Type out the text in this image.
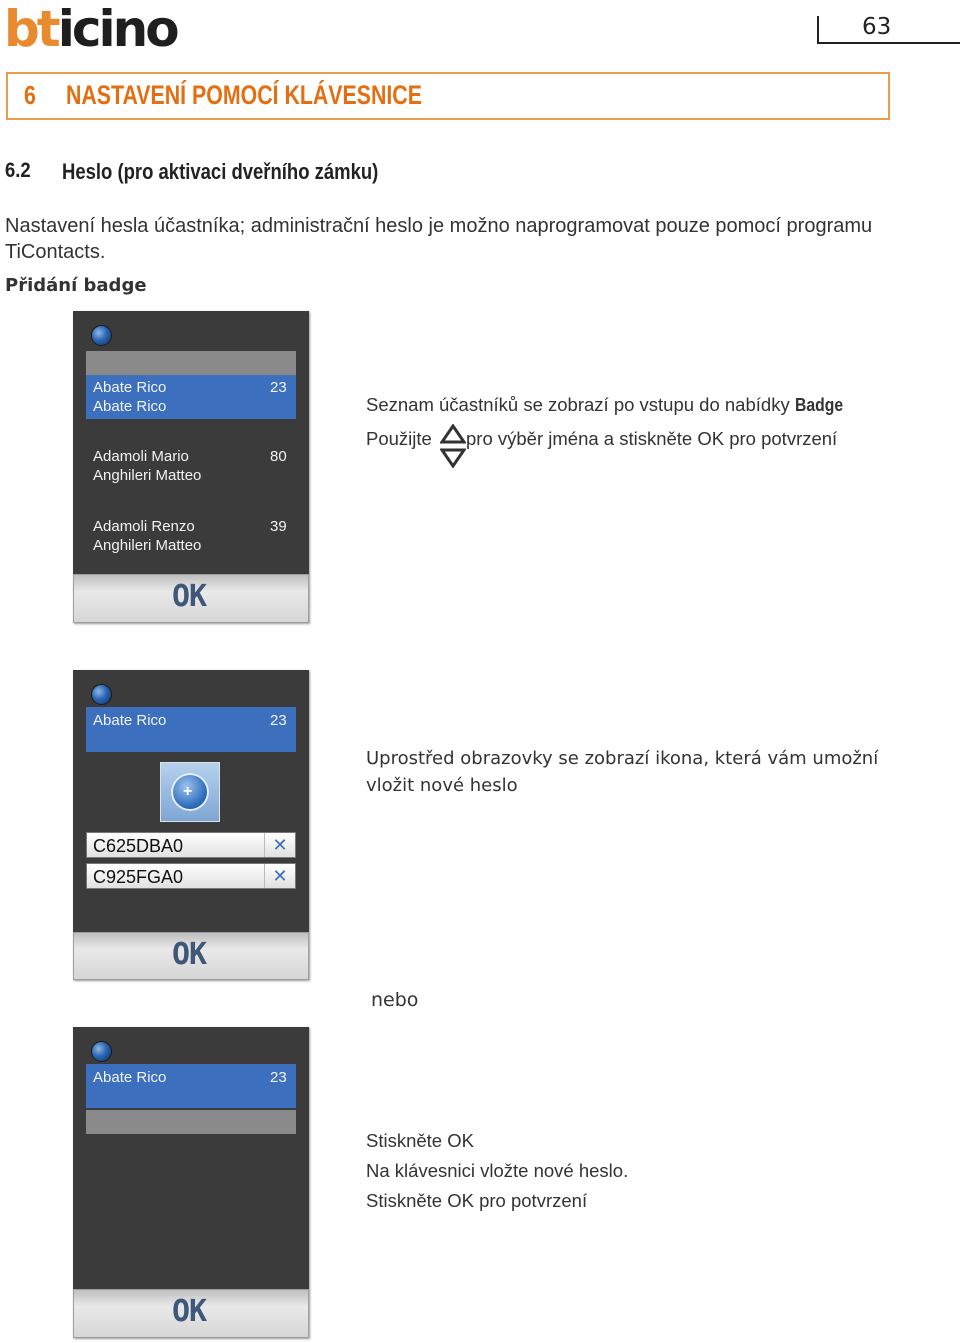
bticino	63
6 NASTAVENÍ POMOCÍ KLÁVESNICE
6.2 Heslo (pro aktivaci dveřního zámku)
Nastavení hesla účastníka; administrační heslo je možno naprogramovat pouze pomocí programu TiContacts.
Přidání badge
Abate Rico
Abate Rico
23
Adamoli Mario
Anghileri Matteo
80
Adamoli Renzo
Anghileri Matteo
39
OK
Seznam účastníků se zobrazí po vstupu do nabídky Badge
Použijte pro výběr jména a stiskněte OK pro potvrzení
Abate Rico	23
+
C625DBA0	✕
C925FGA0	✕
OK
Uprostřed obrazovky se zobrazí ikona, která vám umožní
vložit nové heslo
nebo
Abate Rico	23
OK
Stiskněte OK
Na klávesnici vložte nové heslo.
Stiskněte OK pro potvrzení
